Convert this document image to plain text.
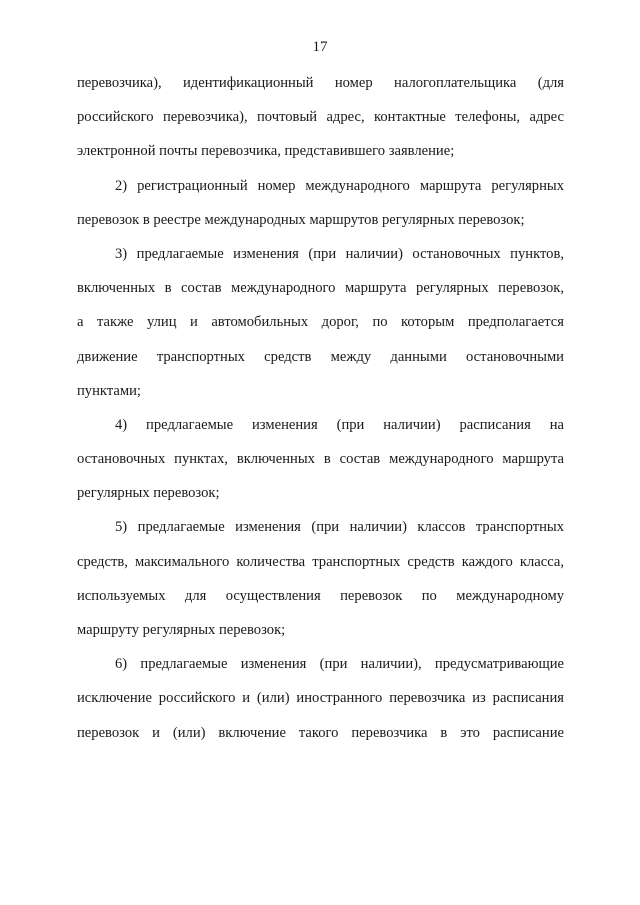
17
перевозчика), идентификационный номер налогоплательщика (для
российского перевозчика), почтовый адрес, контактные телефоны, адрес
электронной почты перевозчика, представившего заявление;
2) регистрационный номер международного маршрута регулярных
перевозок в реестре международных маршрутов регулярных перевозок;
3) предлагаемые изменения (при наличии) остановочных пунктов,
включенных в состав международного маршрута регулярных перевозок,
а также улиц и автомобильных дорог, по которым предполагается
движение транспортных средств между данными остановочными
пунктами;
4) предлагаемые изменения (при наличии) расписания на
остановочных пунктах, включенных в состав международного маршрута
регулярных перевозок;
5) предлагаемые изменения (при наличии) классов транспортных
средств, максимального количества транспортных средств каждого класса,
используемых для осуществления перевозок по международному
маршруту регулярных перевозок;
6) предлагаемые изменения (при наличии), предусматривающие
исключение российского и (или) иностранного перевозчика из расписания
перевозок и (или) включение такого перевозчика в это расписание
